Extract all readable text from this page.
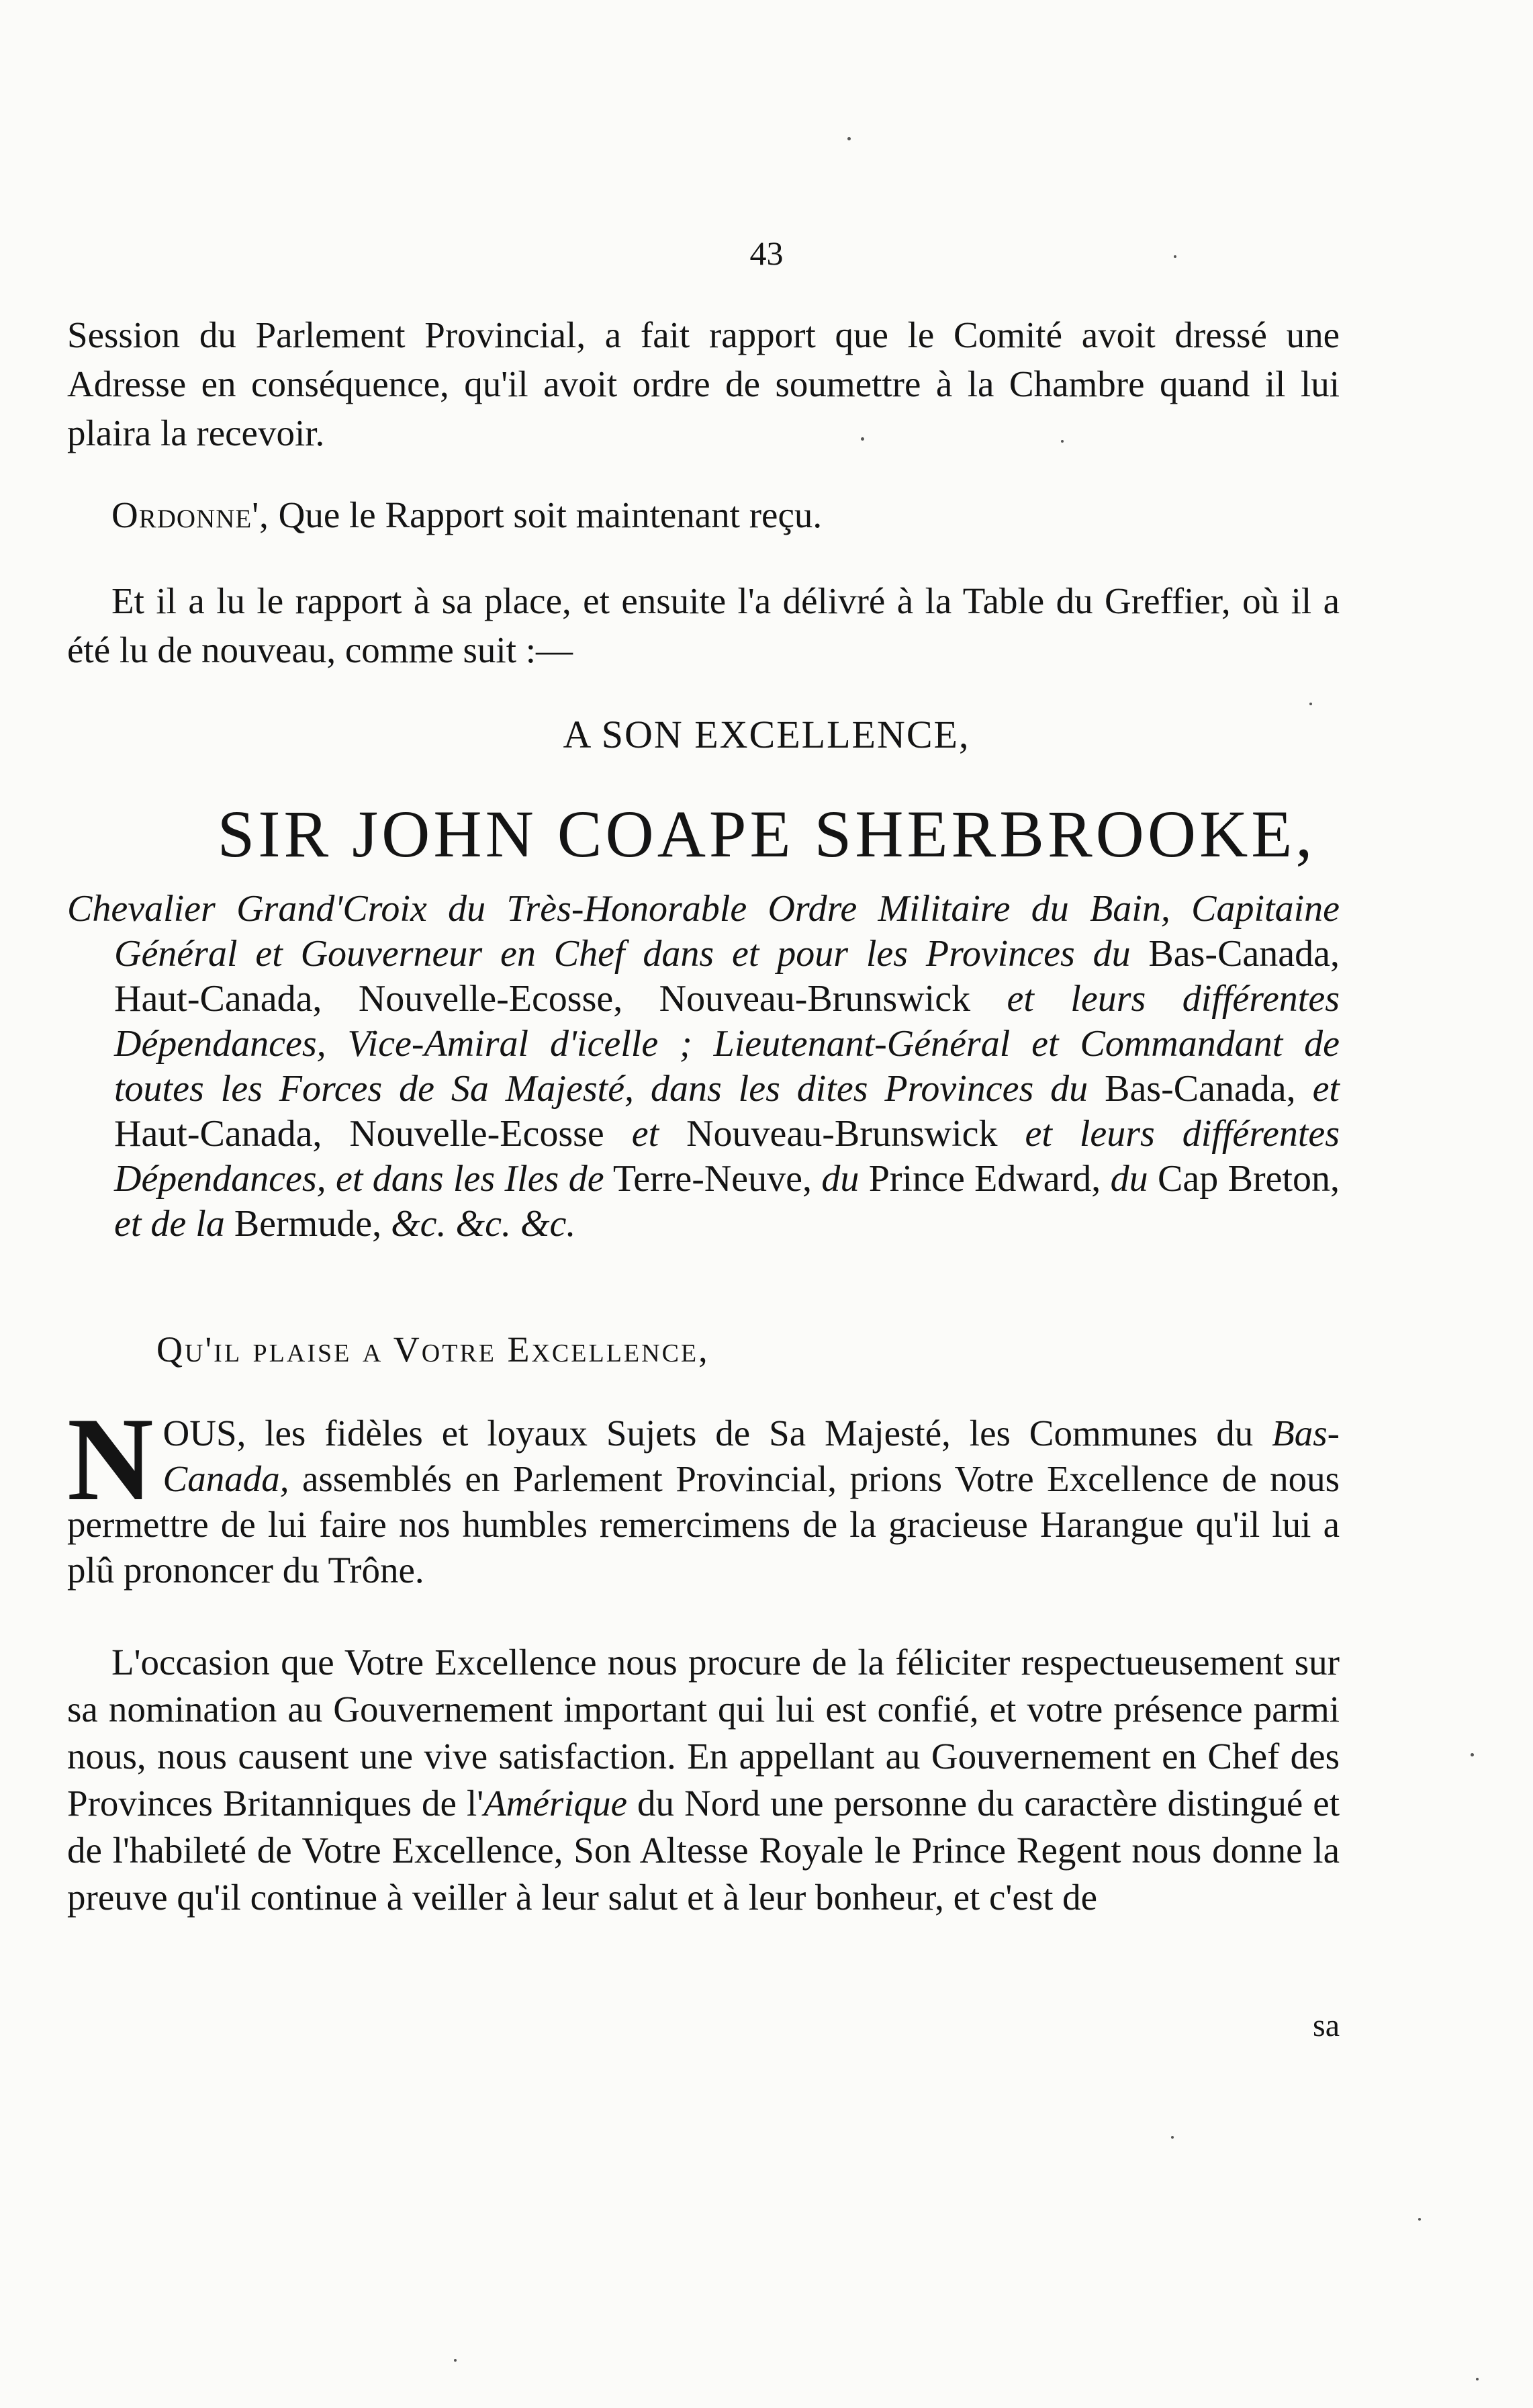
43

Session du Parlement Provincial, a fait rapport que le Comité avoit dressé une Adresse en conséquence, qu'il avoit ordre de soumettre à la Chambre quand il lui plaira la recevoir.

Ordonne', Que le Rapport soit maintenant reçu.

Et il a lu le rapport à sa place, et ensuite l'a délivré à la Table du Greffier, où il a été lu de nouveau, comme suit :—

A SON EXCELLENCE,
SIR JOHN COAPE SHERBROOKE,

Chevalier Grand'Croix du Très-Honorable Ordre Militaire du Bain, Capitaine Général et Gouverneur en Chef dans et pour les Provinces du Bas-Canada, Haut-Canada, Nouvelle-Ecosse, Nouveau-Brunswick et leurs différentes Dépendances, Vice-Amiral d'icelle ; Lieutenant-Général et Commandant de toutes les Forces de Sa Majesté, dans les dites Provinces du Bas-Canada, et Haut-Canada, Nouvelle-Ecosse et Nouveau-Brunswick et leurs différentes Dépendances, et dans les Iles de Terre-Neuve, du Prince Edward, du Cap Breton, et de la Bermude, &c. &c. &c.

Qu'il plaise a Votre Excellence,
NOUS, les fidèles et loyaux Sujets de Sa Majesté, les Communes du Bas-Canada, assemblés en Parlement Provincial, prions Votre Excellence de nous permettre de lui faire nos humbles remercimens de la gracieuse Harangue qu'il lui a plû prononcer du Trône.

L'occasion que Votre Excellence nous procure de la féliciter respectueusement sur sa nomination au Gouvernement important qui lui est confié, et votre présence parmi nous, nous causent une vive satisfaction. En appellant au Gouvernement en Chef des Provinces Britanniques de l'Amérique du Nord une personne du caractère distingué et de l'habileté de Votre Excellence, Son Altesse Royale le Prince Regent nous donne la preuve qu'il continue à veiller à leur salut et à leur bonheur, et c'est de

sa
